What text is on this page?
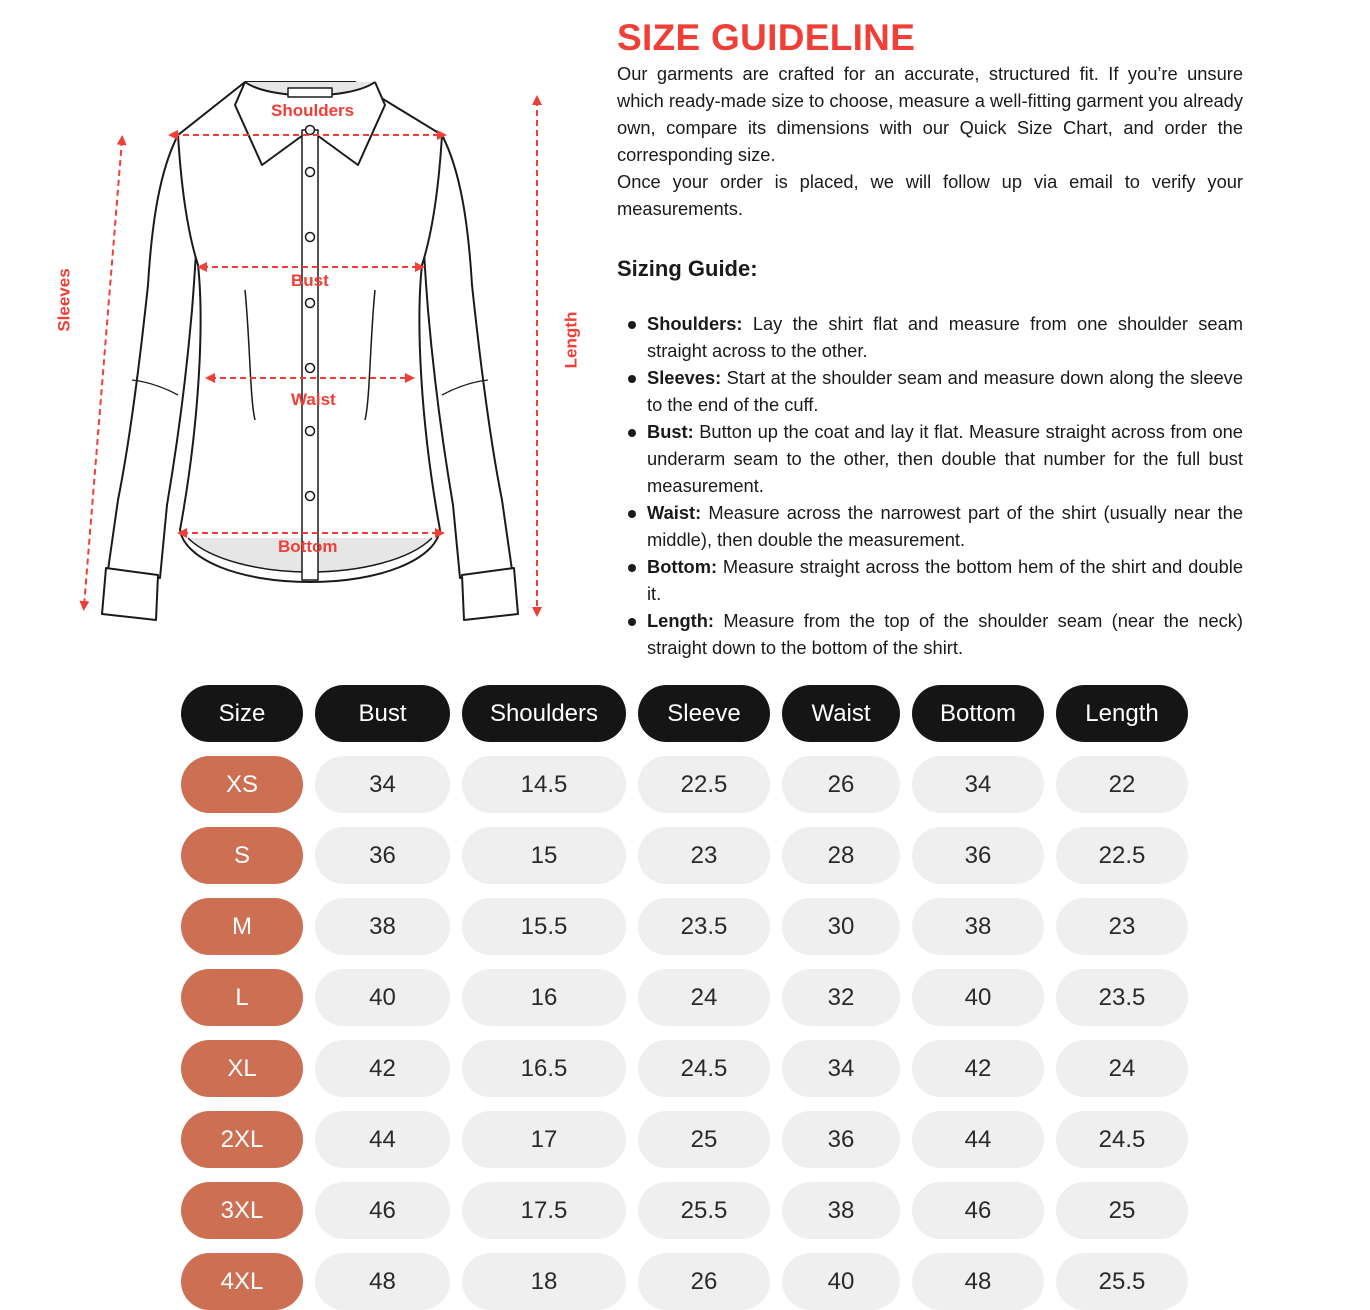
Shoulders
Bust
Waist
Bottom
Sleeves
Length
SIZE GUIDELINE

Our garments are crafted for an accurate, structured fit. If you’re unsure which ready-made size to choose, measure a well-fitting garment you already own, compare its dimensions with our Quick Size Chart, and order the corresponding size.

Once your order is placed, we will follow up via email to verify your measurements.

Sizing Guide:
Shoulders: Lay the shirt flat and measure from one shoulder seam straight across to the other.
Sleeves: Start at the shoulder seam and measure down along the sleeve to the end of the cuff.
Bust: Button up the coat and lay it flat. Measure straight across from one underarm seam to the other, then double that number for the full bust measurement.
Waist: Measure across the narrowest part of the shirt (usually near the middle), then double the measurement.
Bottom: Measure straight across the bottom hem of the shirt and double it.
Length: Measure from the top of the shoulder seam (near the neck) straight down to the bottom of the shirt.
Size	Bust	Shoulders	Sleeve	Waist	Bottom	Length
XS	34	14.5	22.5	26	34	22
S	36	15	23	28	36	22.5
M	38	15.5	23.5	30	38	23
L	40	16	24	32	40	23.5
XL	42	16.5	24.5	34	42	24
2XL	44	17	25	36	44	24.5
3XL	46	17.5	25.5	38	46	25
4XL	48	18	26	40	48	25.5
